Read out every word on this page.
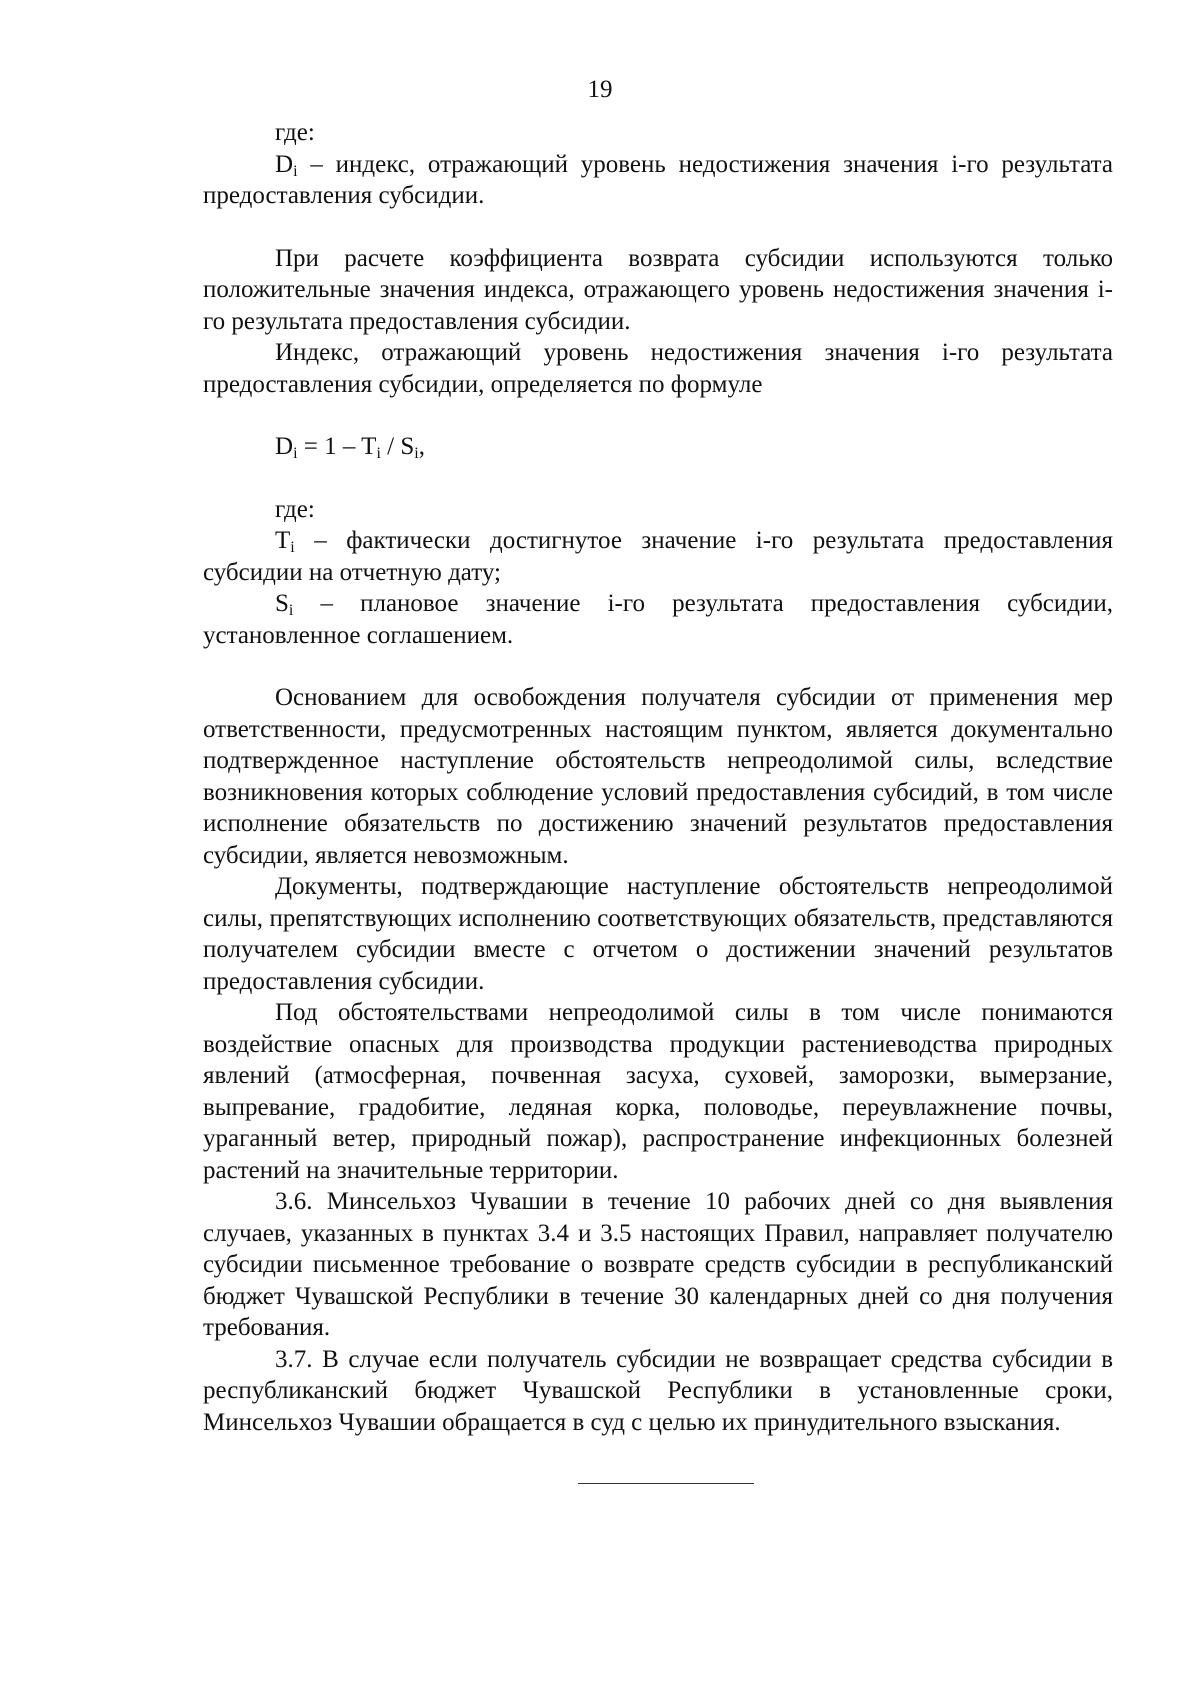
19

где:

$D_i$ – индекс, отражающий уровень недостижения значения i-го результата предоставления субсидии.

При расчете коэффициента возврата субсидии используются только положительные значения индекса, отражающего уровень недостижения значения i-го результата предоставления субсидии.

Индекс, отражающий уровень недостижения значения i-го результата предоставления субсидии, определяется по формуле

$D_i = 1 - T_i / S_i$,

где:

$T_i$ – фактически достигнутое значение i-го результата предоставления субсидии на отчетную дату;

$S_i$ – плановое значение i-го результата предоставления субсидии, установленное соглашением.

Основанием для освобождения получателя субсидии от применения мер ответственности, предусмотренных настоящим пунктом, является документально подтвержденное наступление обстоятельств непреодолимой силы, вследствие возникновения которых соблюдение условий предоставления субсидий, в том числе исполнение обязательств по достижению значений результатов предоставления субсидии, является невозможным.

Документы, подтверждающие наступление обстоятельств непреодолимой силы, препятствующих исполнению соответствующих обязательств, представляются получателем субсидии вместе с отчетом о достижении значений результатов предоставления субсидии.

Под обстоятельствами непреодолимой силы в том числе понимаются воздействие опасных для производства продукции растениеводства природных явлений (атмосферная, почвенная засуха, суховей, заморозки, вымерзание, выпревание, градобитие, ледяная корка, половодье, переувлажнение почвы, ураганный ветер, природный пожар), распространение инфекционных болезней растений на значительные территории.

3.6. Минсельхоз Чувашии в течение 10 рабочих дней со дня выявления случаев, указанных в пунктах 3.4 и 3.5 настоящих Правил, направляет получателю субсидии письменное требование о возврате средств субсидии в республиканский бюджет Чувашской Республики в течение 30 календарных дней со дня получения требования.

3.7. В случае если получатель субсидии не возвращает средства субсидии в республиканский бюджет Чувашской Республики в установленные сроки, Минсельхоз Чувашии обращается в суд с целью их принудительного взыскания.
